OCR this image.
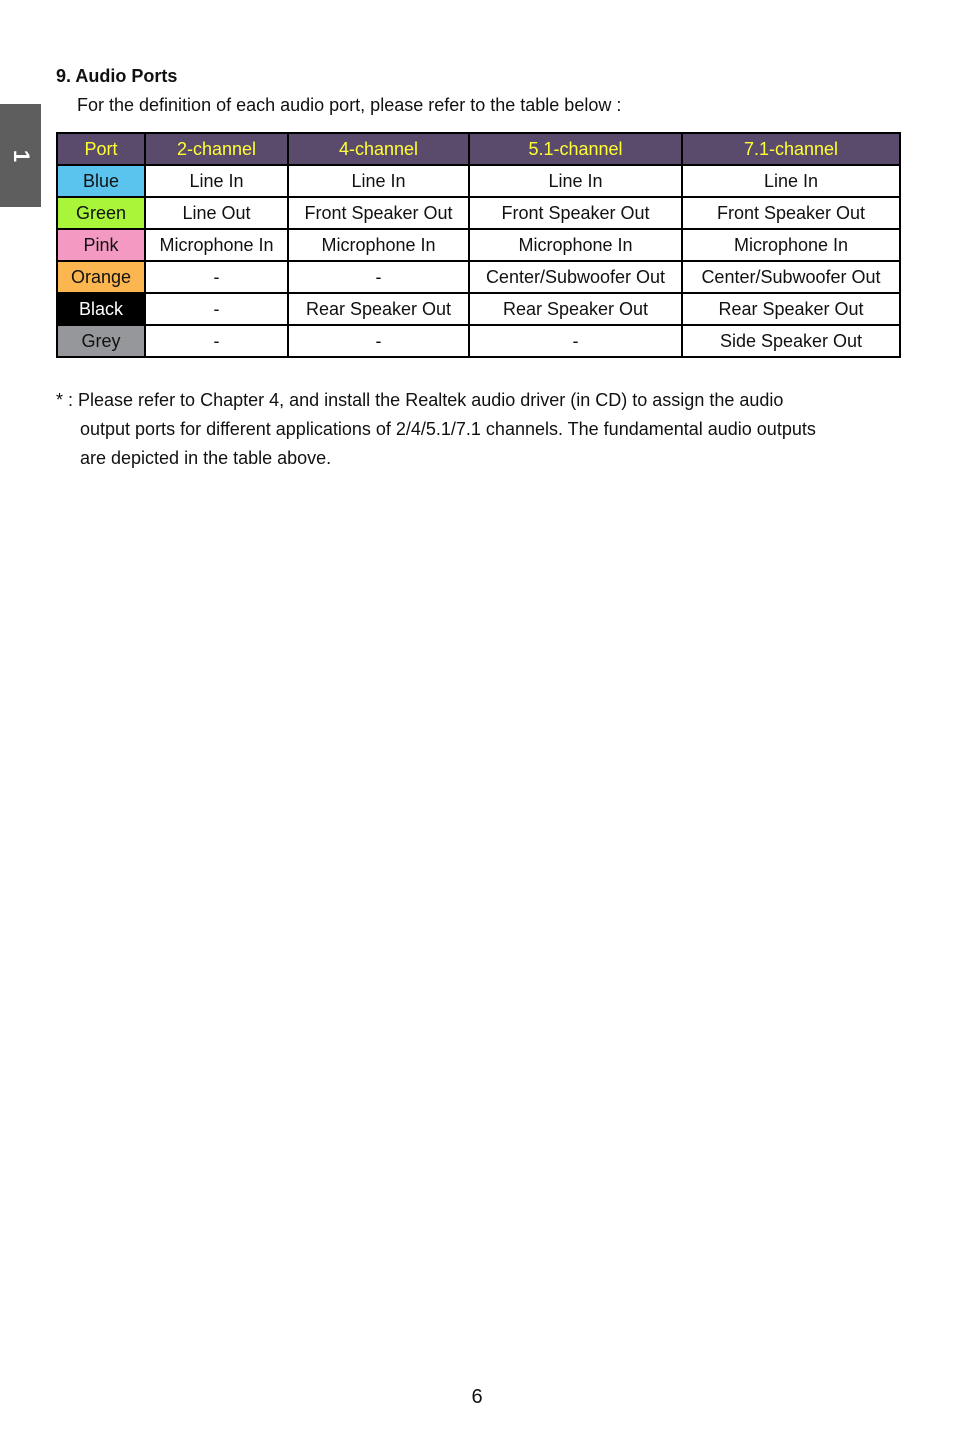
1
9. Audio Ports
For the definition of each audio port, please refer to the table below :
Port	2-channel	4-channel	5.1-channel	7.1-channel
Blue	Line In	Line In	Line In	Line In
Green	Line Out	Front Speaker Out	Front Speaker Out	Front Speaker Out
Pink	Microphone In	Microphone In	Microphone In	Microphone In
Orange	-	-	Center/Subwoofer Out	Center/Subwoofer Out
Black	-	Rear Speaker Out	Rear Speaker Out	Rear Speaker Out
Grey	-	-	-	Side Speaker Out
* : Please refer to Chapter 4, and install the Realtek audio driver (in CD) to assign the audio
output ports for different applications of 2/4/5.1/7.1 channels. The fundamental audio outputs
are depicted in the table above.
6
